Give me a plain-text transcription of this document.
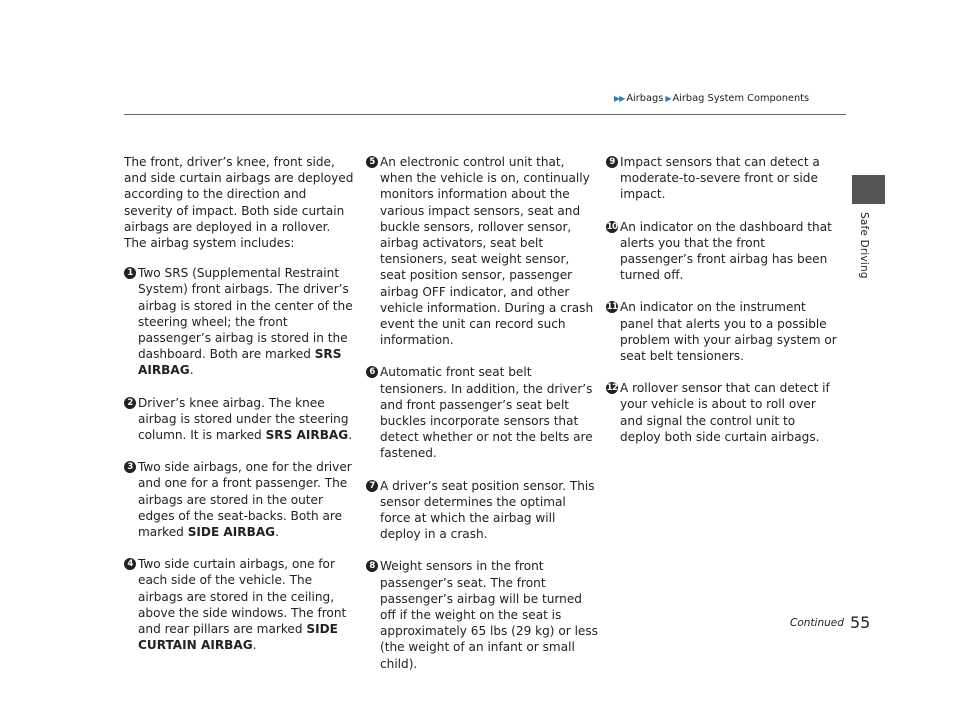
▶▶ Airbags ▶ Airbag System Components
Safe Driving

The front, driver’s knee, front side, and side curtain airbags are deployed according to the direction and severity of impact. Both side curtain airbags are deployed in a rollover. The airbag system includes:

1 Two SRS (Supplemental Restraint System) front airbags. The driver’s airbag is stored in the center of the steering wheel; the front passenger’s airbag is stored in the dashboard. Both are marked SRS AIRBAG.
2 Driver’s knee airbag. The knee airbag is stored under the steering column. It is marked SRS AIRBAG.
3 Two side airbags, one for the driver and one for a front passenger. The airbags are stored in the outer edges of the seat-backs. Both are marked SIDE AIRBAG.
4 Two side curtain airbags, one for each side of the vehicle. The airbags are stored in the ceiling, above the side windows. The front and rear pillars are marked SIDE CURTAIN AIRBAG.
5 An electronic control unit that, when the vehicle is on, continually monitors information about the various impact sensors, seat and buckle sensors, rollover sensor, airbag activators, seat belt tensioners, seat weight sensor, seat position sensor, passenger airbag OFF indicator, and other vehicle information. During a crash event the unit can record such information.
6 Automatic front seat belt tensioners. In addition, the driver’s and front passenger’s seat belt buckles incorporate sensors that detect whether or not the belts are fastened.
7 A driver’s seat position sensor. This sensor determines the optimal force at which the airbag will deploy in a crash.
8 Weight sensors in the front passenger’s seat. The front passenger’s airbag will be turned off if the weight on the seat is approximately 65 lbs (29 kg) or less (the weight of an infant or small child).
9 Impact sensors that can detect a moderate-to-severe front or side impact.
10 An indicator on the dashboard that alerts you that the front passenger’s front airbag has been turned off.
11 An indicator on the instrument panel that alerts you to a possible problem with your airbag system or seat belt tensioners.
12 A rollover sensor that can detect if your vehicle is about to roll over and signal the control unit to deploy both side curtain airbags.
Continued 55
